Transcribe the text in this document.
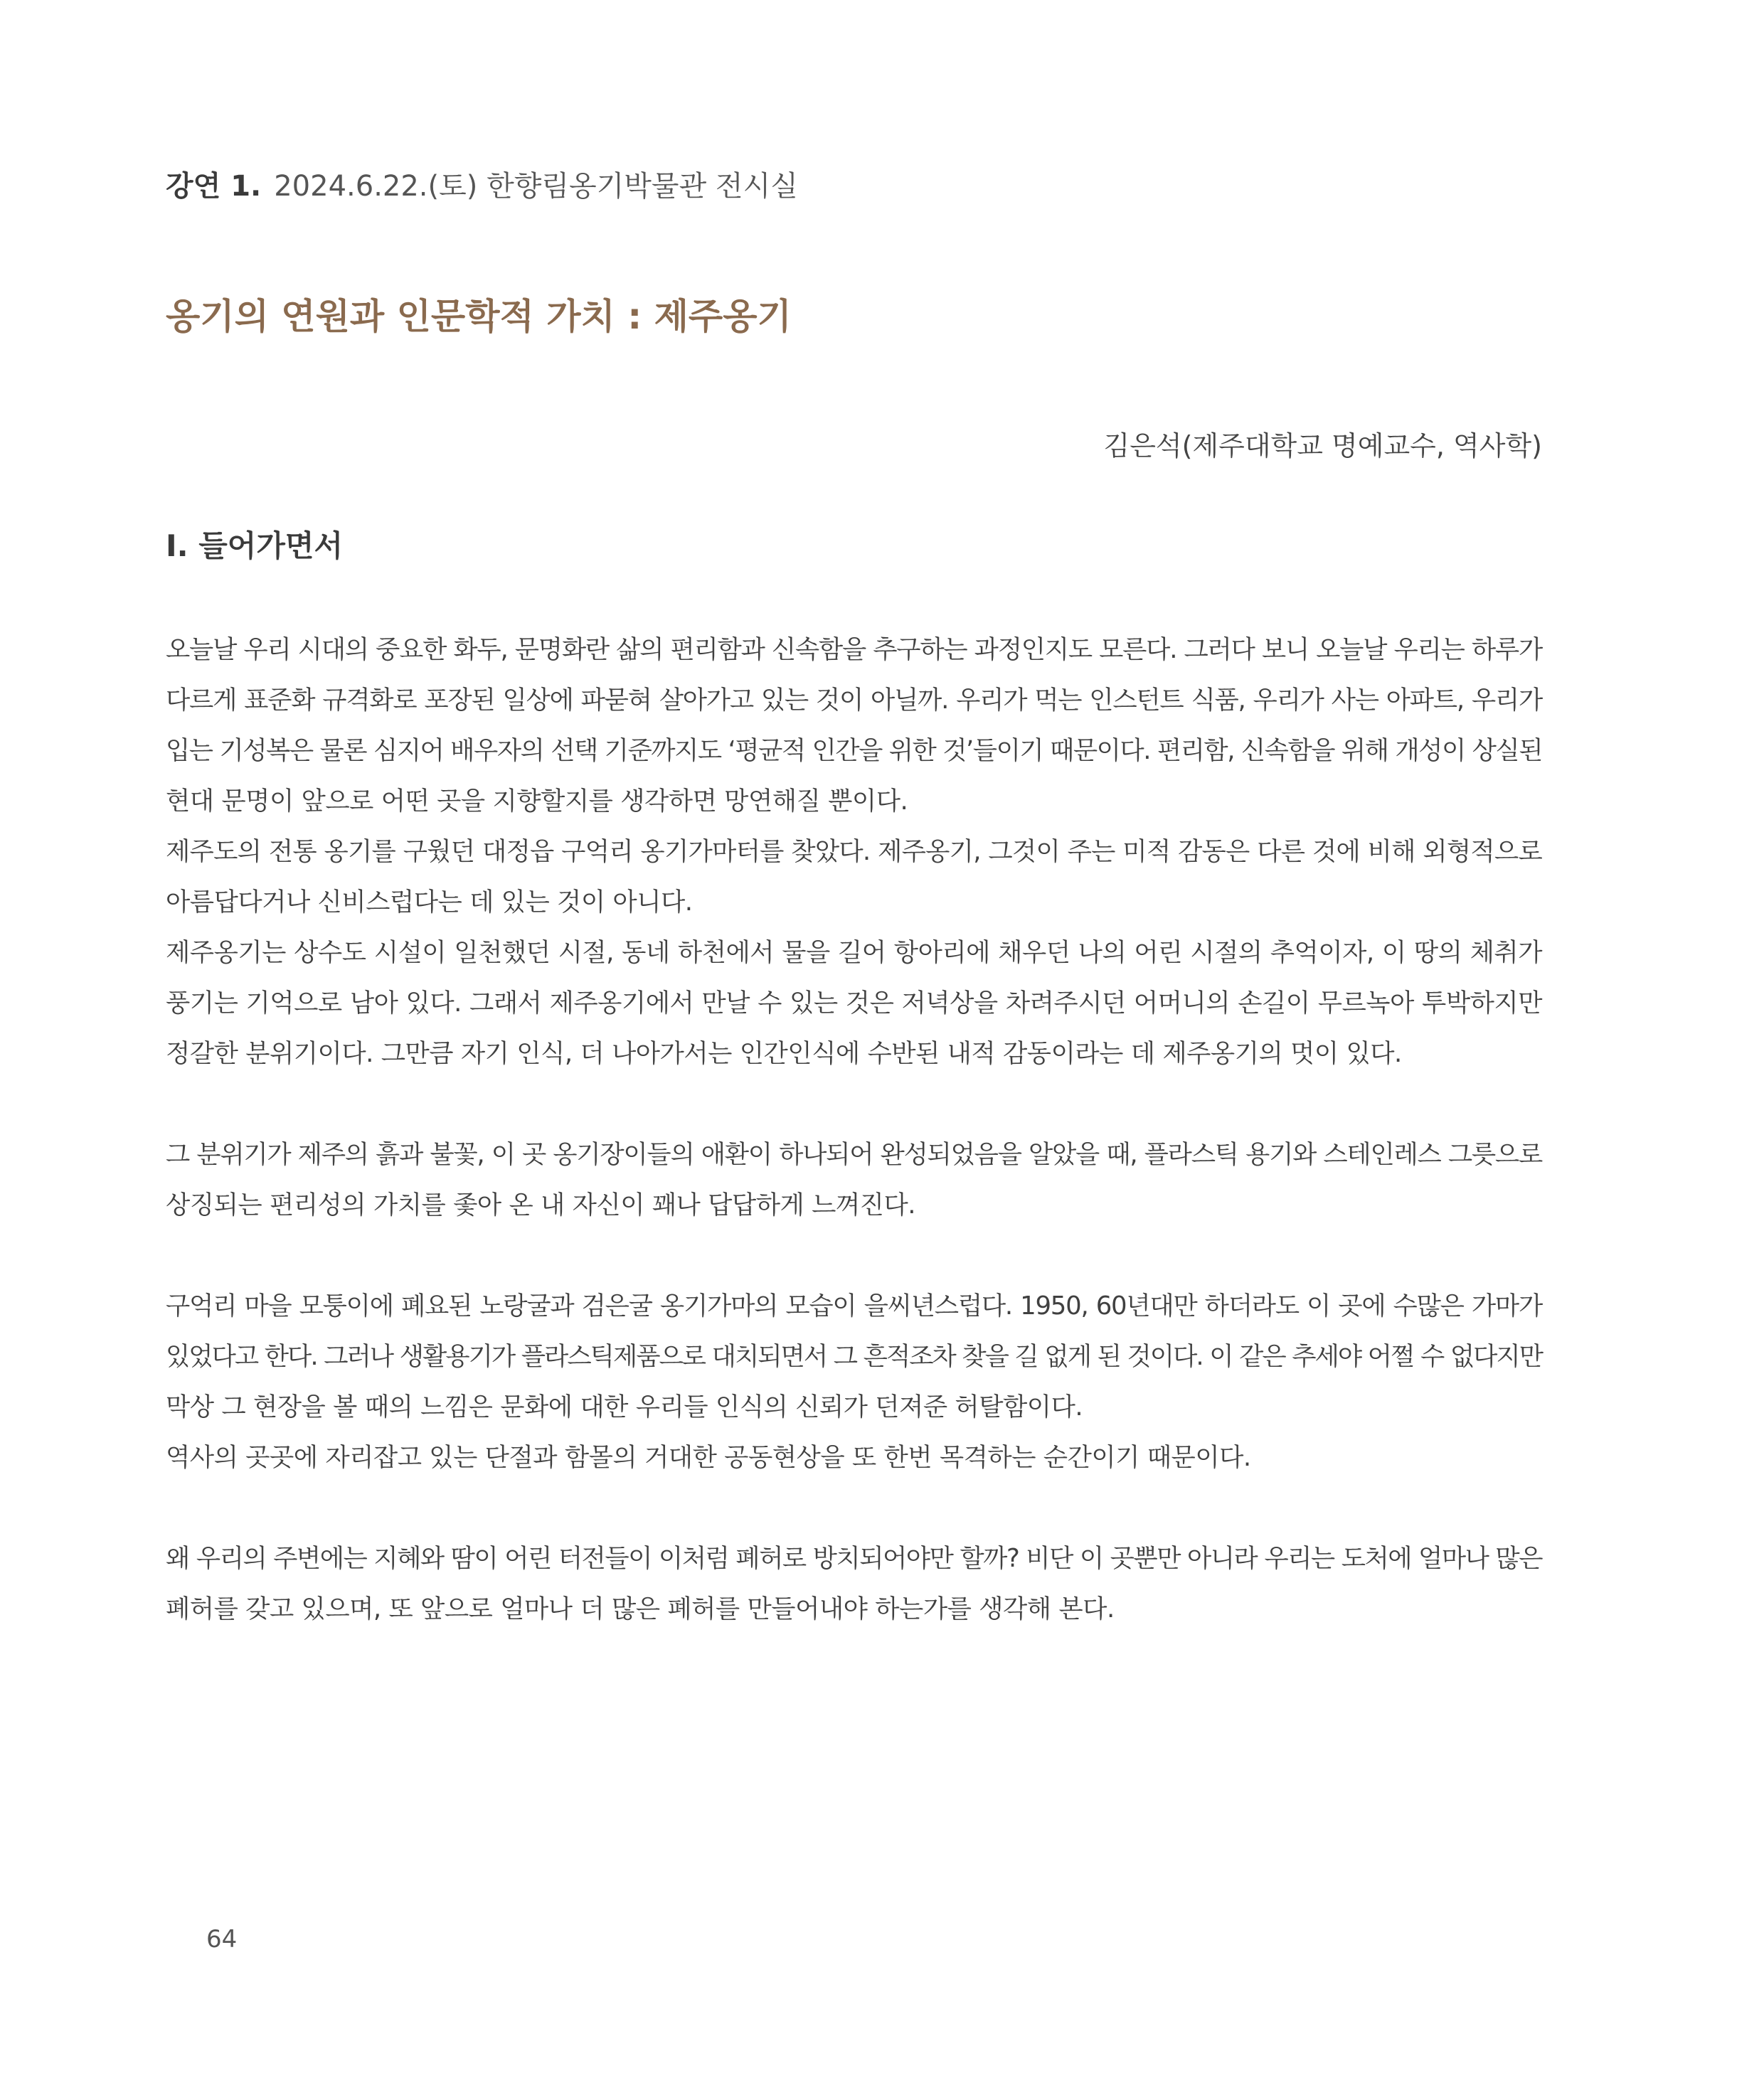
강연 1. 2024.6.22.(토) 한향림옹기박물관 전시실
옹기의 연원과 인문학적 가치 : 제주옹기
김은석(제주대학교 명예교수, 역사학)
I. 들어가면서
오늘날 우리 시대의 중요한 화두, 문명화란 삶의 편리함과 신속함을 추구하는 과정인지도 모른다. 그러다 보니 오늘날 우리는 하루가
다르게 표준화 규격화로 포장된 일상에 파묻혀 살아가고 있는 것이 아닐까. 우리가 먹는 인스턴트 식품, 우리가 사는 아파트, 우리가
입는 기성복은 물론 심지어 배우자의 선택 기준까지도 ‘평균적 인간을 위한 것’들이기 때문이다. 편리함, 신속함을 위해 개성이 상실된
현대 문명이 앞으로 어떤 곳을 지향할지를 생각하면 망연해질 뿐이다.
제주도의 전통 옹기를 구웠던 대정읍 구억리 옹기가마터를 찾았다. 제주옹기, 그것이 주는 미적 감동은 다른 것에 비해 외형적으로
아름답다거나 신비스럽다는 데 있는 것이 아니다.
제주옹기는 상수도 시설이 일천했던 시절, 동네 하천에서 물을 길어 항아리에 채우던 나의 어린 시절의 추억이자, 이 땅의 체취가
풍기는 기억으로 남아 있다. 그래서 제주옹기에서 만날 수 있는 것은 저녁상을 차려주시던 어머니의 손길이 무르녹아 투박하지만
정갈한 분위기이다. 그만큼 자기 인식, 더 나아가서는 인간인식에 수반된 내적 감동이라는 데 제주옹기의 멋이 있다.
그 분위기가 제주의 흙과 불꽃, 이 곳 옹기장이들의 애환이 하나되어 완성되었음을 알았을 때, 플라스틱 용기와 스테인레스 그릇으로
상징되는 편리성의 가치를 좇아 온 내 자신이 꽤나 답답하게 느껴진다.
구억리 마을 모퉁이에 폐요된 노랑굴과 검은굴 옹기가마의 모습이 을씨년스럽다. 1950, 60년대만 하더라도 이 곳에 수많은 가마가
있었다고 한다. 그러나 생활용기가 플라스틱제품으로 대치되면서 그 흔적조차 찾을 길 없게 된 것이다. 이 같은 추세야 어쩔 수 없다지만
막상 그 현장을 볼 때의 느낌은 문화에 대한 우리들 인식의 신뢰가 던져준 허탈함이다.
역사의 곳곳에 자리잡고 있는 단절과 함몰의 거대한 공동현상을 또 한번 목격하는 순간이기 때문이다.
왜 우리의 주변에는 지혜와 땀이 어린 터전들이 이처럼 폐허로 방치되어야만 할까? 비단 이 곳뿐만 아니라 우리는 도처에 얼마나 많은
폐허를 갖고 있으며, 또 앞으로 얼마나 더 많은 폐허를 만들어내야 하는가를 생각해 본다.
64
